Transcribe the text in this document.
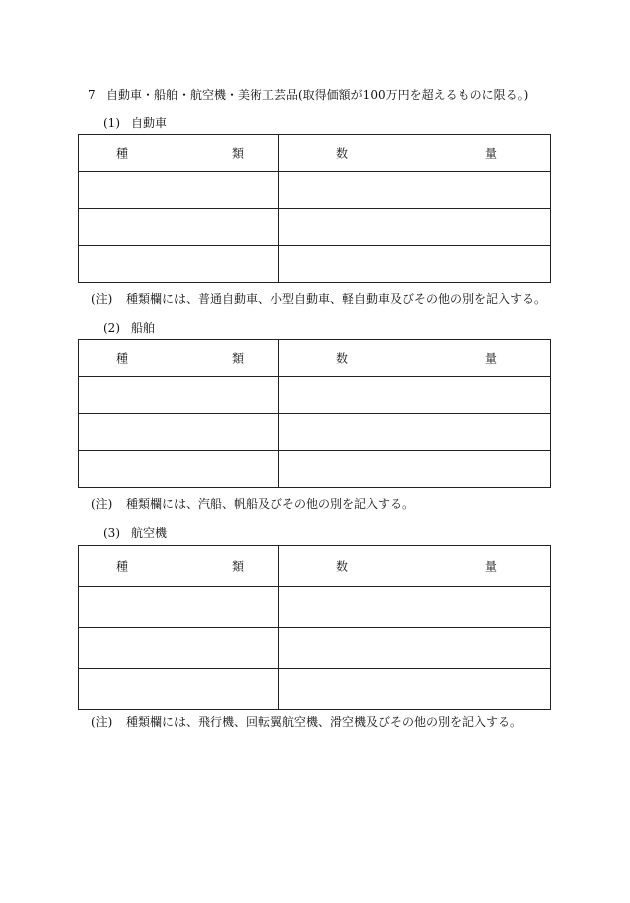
7 自動車・船舶・航空機・美術工芸品(取得価額が100万円を超えるものに限る。)
(1) 自動車
種 類	数 量

(注) 種類欄には、普通自動車、小型自動車、軽自動車及びその他の別を記入する。
(2) 船舶
種 類	数 量

(注) 種類欄には、汽船、帆船及びその他の別を記入する。
(3) 航空機
種 類	数 量

(注) 種類欄には、飛行機、回転翼航空機、滑空機及びその他の別を記入する。
